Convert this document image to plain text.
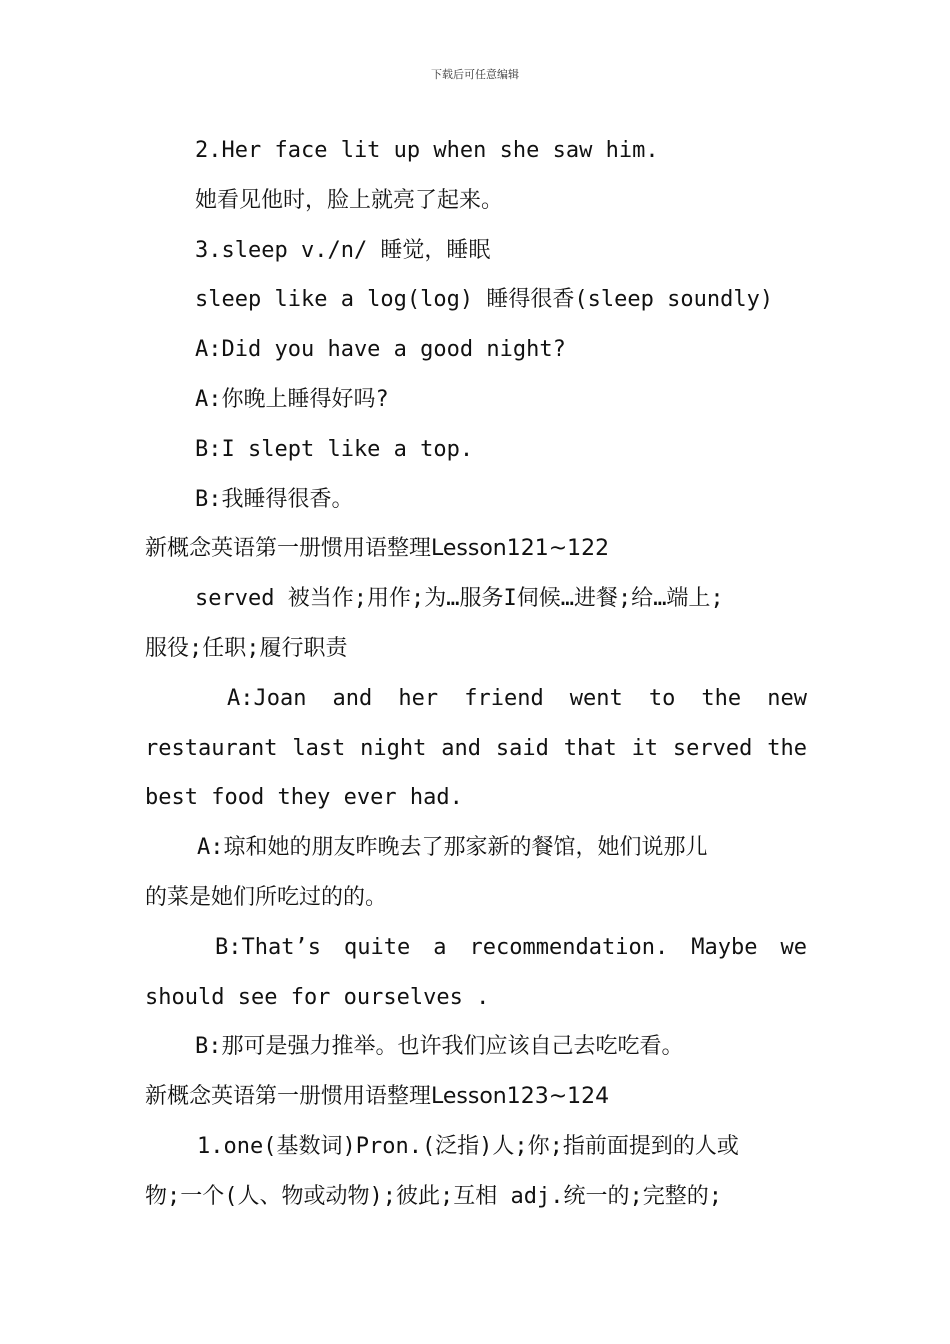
下载后可任意编辑
2.Her face lit up when she saw him.
她看见他时，脸上就亮了起来。
3.sleep v./n/ 睡觉，睡眠
sleep like a log(log) 睡得很香(sleep soundly)
A:Did you have a good night?
A:你晚上睡得好吗?
B:I slept like a top.
B:我睡得很香。
新概念英语第一册惯用语整理Lesson121~122
served 被当作;用作;为…服务I伺候…进餐;给…端上;
服役;任职;履行职责
A:Joan and her friend went to the new
restaurant last night and said that it served the
best food they ever had.
A:琼和她的朋友昨晚去了那家新的餐馆，她们说那儿
的菜是她们所吃过的的。
B:That’s quite a recommendation. Maybe we
should see for ourselves .
B:那可是强力推举。也许我们应该自己去吃吃看。
新概念英语第一册惯用语整理Lesson123~124
1.one(基数词)Pron.(泛指)人;你;指前面提到的人或
物;一个(人、物或动物);彼此;互相 adj.统一的;完整的;
